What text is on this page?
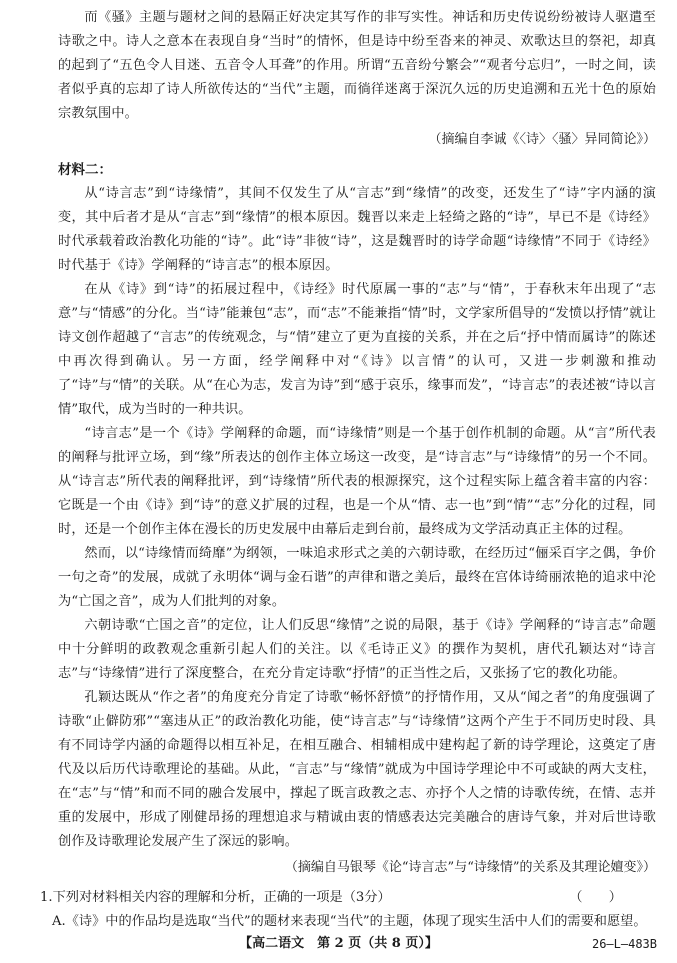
而《骚》主题与题材之间的悬隔正好决定其写作的非写实性。神话和历史传说纷纷被诗人驱遣至诗歌之中。诗人之意本在表现自身“当时”的情怀，但是诗中纷至沓来的神灵、欢歌达旦的祭祀，却真的起到了“五色令人目迷、五音令人耳聋”的作用。所谓“五音纷兮繁会”“观者兮忘归”，一时之间，读者似乎真的忘却了诗人所欲传达的“当代”主题，而徜徉迷离于深沉久远的历史追溯和五光十色的原始宗教氛围中。

（摘编自李诚《〈诗〉〈骚〉异同简论》）

材料二：

从“诗言志”到“诗缘情”，其间不仅发生了从“言志”到“缘情”的改变，还发生了“诗”字内涵的演变，其中后者才是从“言志”到“缘情”的根本原因。魏晋以来走上轻绮之路的“诗”，早已不是《诗经》时代承载着政治教化功能的“诗”。此“诗”非彼“诗”，这是魏晋时的诗学命题“诗缘情”不同于《诗经》时代基于《诗》学阐释的“诗言志”的根本原因。

在从《诗》到“诗”的拓展过程中，《诗经》时代原属一事的“志”与“情”，于春秋末年出现了“志意”与“情感”的分化。当“诗”能兼包“志”，而“志”不能兼指“情”时，文学家所倡导的“发愤以抒情”就让诗文创作超越了“言志”的传统观念，与“情”建立了更为直接的关系，并在之后“抒中情而属诗”的陈述中再次得到确认。另一方面，经学阐释中对“《诗》以言情”的认可，又进一步刺激和推动了“诗”与“情”的关联。从“在心为志，发言为诗”到“感于哀乐，缘事而发”，“诗言志”的表述被“诗以言情”取代，成为当时的一种共识。

“诗言志”是一个《诗》学阐释的命题，而“诗缘情”则是一个基于创作机制的命题。从“言”所代表的阐释与批评立场，到“缘”所表达的创作主体立场这一改变，是“诗言志”与“诗缘情”的另一个不同。从“诗言志”所代表的阐释批评，到“诗缘情”所代表的根源探究，这个过程实际上蕴含着丰富的内容：它既是一个由《诗》到“诗”的意义扩展的过程，也是一个从“情、志一也”到“情”“志”分化的过程，同时，还是一个创作主体在漫长的历史发展中由幕后走到台前，最终成为文学活动真正主体的过程。

然而，以“诗缘情而绮靡”为纲领，一味追求形式之美的六朝诗歌，在经历过“俪采百字之偶，争价一句之奇”的发展，成就了永明体“调与金石谐”的声律和谐之美后，最终在宫体诗绮丽浓艳的追求中沦为“亡国之音”，成为人们批判的对象。

六朝诗歌“亡国之音”的定位，让人们反思“缘情”之说的局限，基于《诗》学阐释的“诗言志”命题中十分鲜明的政教观念重新引起人们的关注。以《毛诗正义》的撰作为契机，唐代孔颖达对“诗言志”与“诗缘情”进行了深度整合，在充分肯定诗歌“抒情”的正当性之后，又张扬了它的教化功能。

孔颖达既从“作之者”的角度充分肯定了诗歌“畅怀舒愤”的抒情作用，又从“闻之者”的角度强调了诗歌“止僻防邪”“塞违从正”的政治教化功能，使“诗言志”与“诗缘情”这两个产生于不同历史时段、具有不同诗学内涵的命题得以相互补足，在相互融合、相辅相成中建构起了新的诗学理论，这奠定了唐代及以后历代诗歌理论的基础。从此，“言志”与“缘情”就成为中国诗学理论中不可或缺的两大支柱，在“志”与“情”和而不同的融合发展中，撑起了既言政教之志、亦抒个人之情的诗歌传统，在情、志并重的发展中，形成了刚健昂扬的理想追求与精诚由衷的情感表达完美融合的唐诗气象，并对后世诗歌创作及诗歌理论发展产生了深远的影响。

（摘编自马银琴《论“诗言志”与“诗缘情”的关系及其理论嬗变》）

1.下列对材料相关内容的理解和分析，正确的一项是（3分）	（　　）

A.《诗》中的作品均是选取“当代”的题材来表现“当代”的主题，体现了现实生活中人们的需要和愿望。

【高二语文　第 2 页（共 8 页）】	26—L—483B
